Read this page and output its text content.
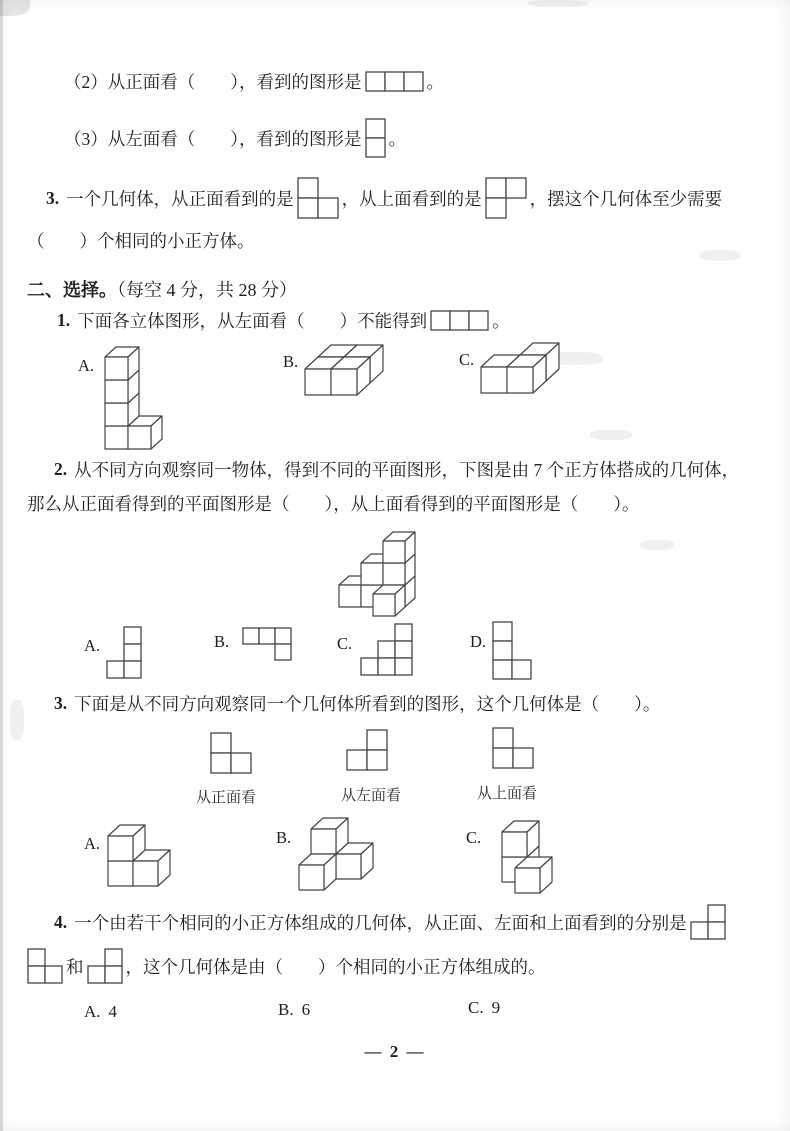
（2）从正面看（　　），看到的图形是	。
（3）从左面看（　　），看到的图形是 。
3. 一个几何体，从正面看到的是	，从上面看到的是	，摆这个几何体至少需要
（　　）个相同的小正方体。
二、选择。（每空 4 分，共 28 分）
1. 下面各立体图形，从左面看（　　）不能得到	。
A.	B.	C.
2. 从不同方向观察同一物体，得到不同的平面图形，下图是由 7 个正方体搭成的几何体，
那么从正面看得到的平面图形是（　　），从上面看得到的平面图形是（　　）。
A.	B.	C.	D.
3. 下面是从不同方向观察同一个几何体所看到的图形，这个几何体是（　　）。
从正面看	从左面看	从上面看
A.	B.	C.
4. 一个由若干个相同的小正方体组成的几何体，从正面、左面和上面看到的分别是
和 ，这个几何体是由（　　）个相同的小正方体组成的。
A. 4	B. 6	C. 9
— 2 —
